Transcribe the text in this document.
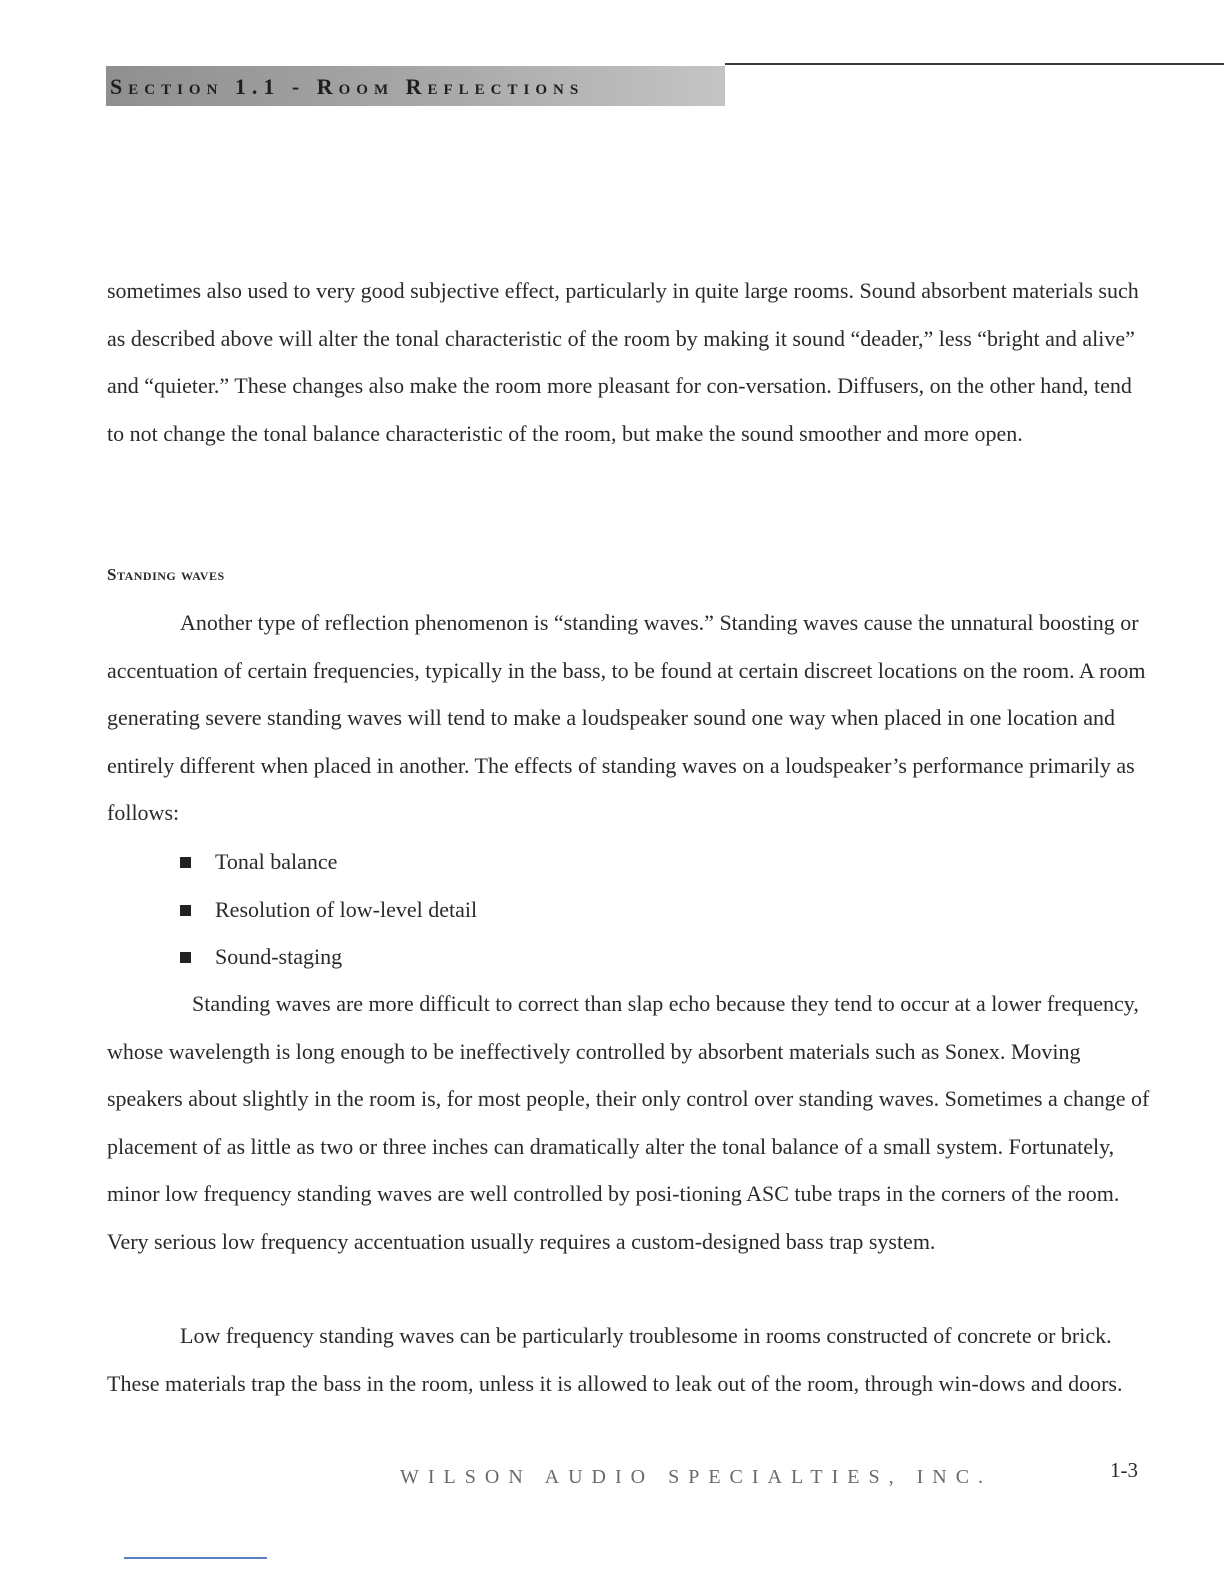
Section 1.1 - Room Reflections

sometimes also used to very good subjective effect, particularly in quite large rooms. Sound absorbent materials such as described above will alter the tonal characteristic of the room by making it sound “deader,” less “bright and alive” and “quieter.” These changes also make the room more pleasant for con-versation. Diffusers, on the other hand, tend to not change the tonal balance characteristic of the room, but make the sound smoother and more open.

Standing waves

Another type of reflection phenomenon is “standing waves.” Standing waves cause the unnatural boosting or accentuation of certain frequencies, typically in the bass, to be found at certain discreet locations on the room. A room generating severe standing waves will tend to make a loudspeaker sound one way when placed in one location and entirely different when placed in another. The effects of standing waves on a loudspeaker’s performance primarily as follows:

Tonal balance
Resolution of low-level detail
Sound-staging

Standing waves are more difficult to correct than slap echo because they tend to occur at a lower frequency, whose wavelength is long enough to be ineffectively controlled by absorbent materials such as Sonex. Moving speakers about slightly in the room is, for most people, their only control over standing waves. Sometimes a change of placement of as little as two or three inches can dramatically alter the tonal balance of a small system. Fortunately, minor low frequency standing waves are well controlled by posi-tioning ASC tube traps in the corners of the room. Very serious low frequency accentuation usually requires a custom-designed bass trap system.

Low frequency standing waves can be particularly troublesome in rooms constructed of concrete or brick. These materials trap the bass in the room, unless it is allowed to leak out of the room, through win-dows and doors.

WILSON AUDIO SPECIALTIES, INC.	1-3
